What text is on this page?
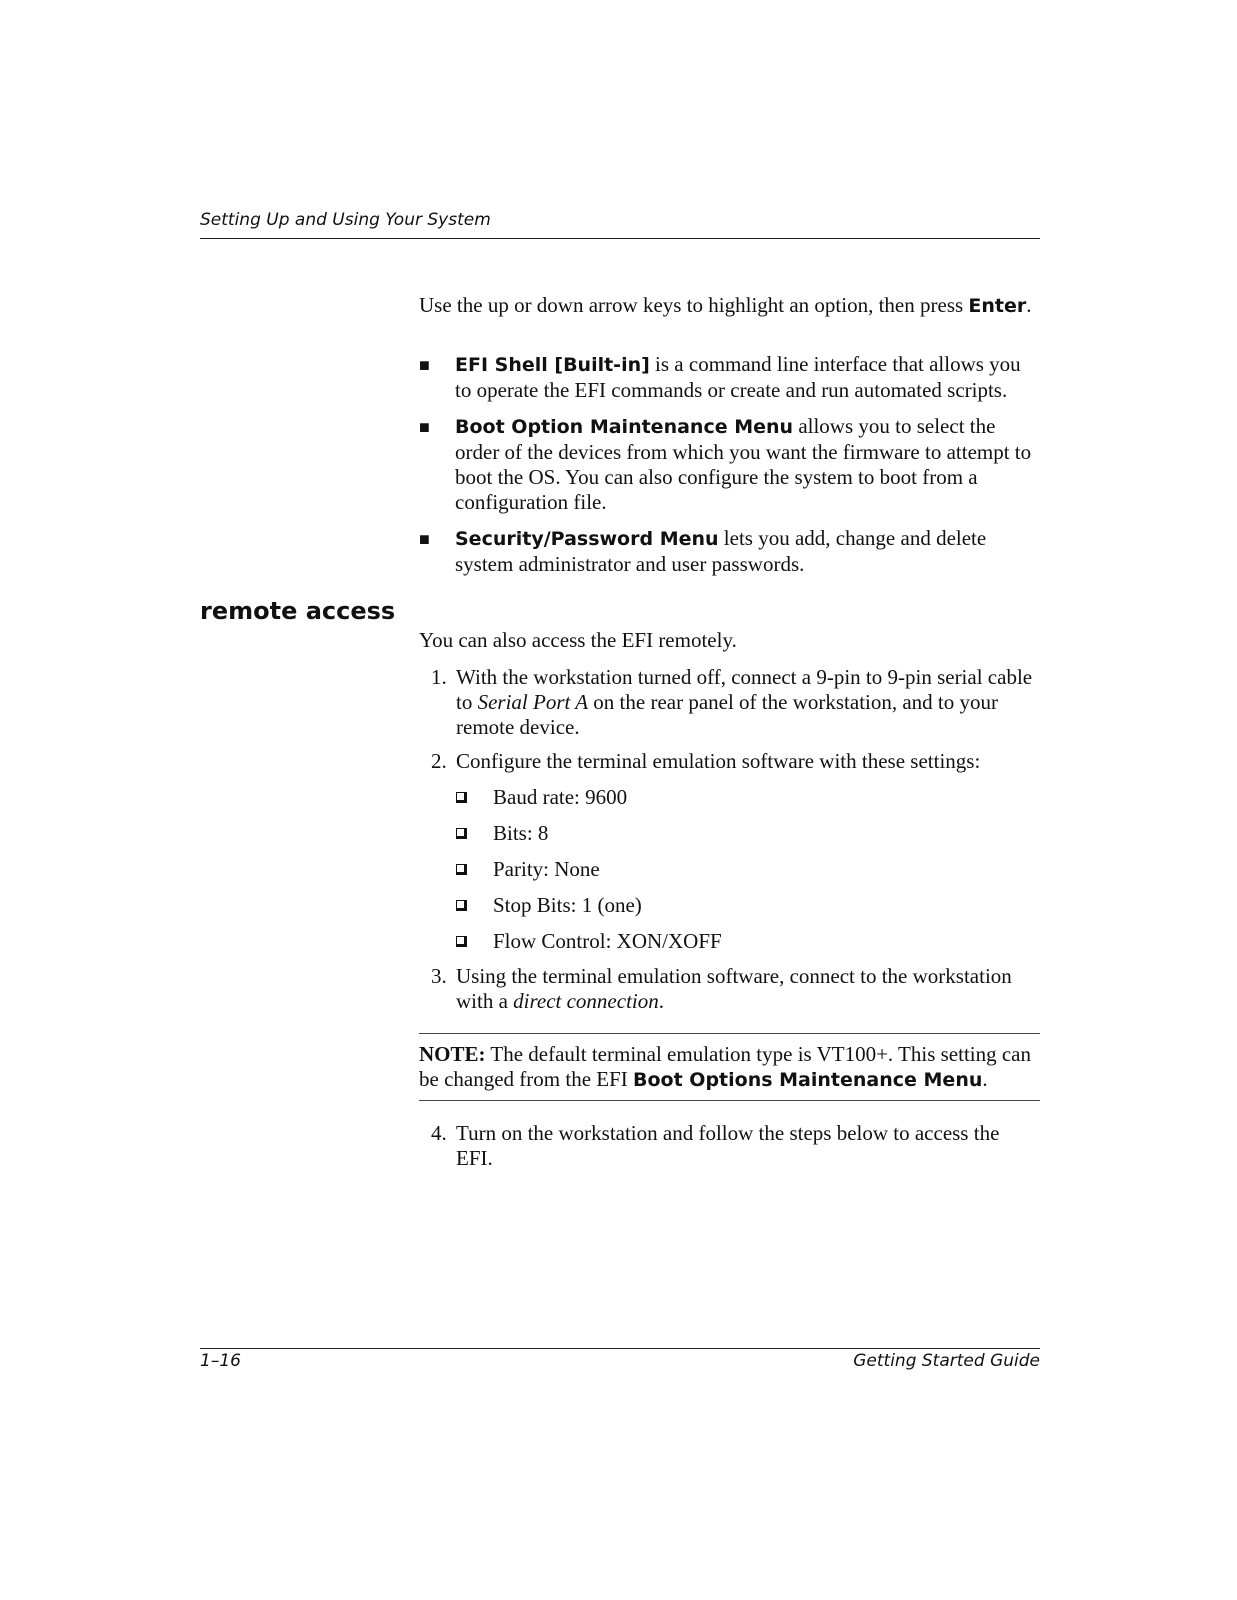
Setting Up and Using Your System

Use the up or down arrow keys to highlight an option, then press Enter.

■ EFI Shell [Built-in] is a command line interface that allows you to operate the EFI commands or create and run automated scripts.
■ Boot Option Maintenance Menu allows you to select the order of the devices from which you want the firmware to attempt to boot the OS. You can also configure the system to boot from a configuration file.
■ Security/Password Menu lets you add, change and delete system administrator and user passwords.
remote access

You can also access the EFI remotely.

1. With the workstation turned off, connect a 9-pin to 9-pin serial cable to Serial Port A on the rear panel of the workstation, and to your remote device.
2. Configure the terminal emulation software with these settings:
Baud rate: 9600
Bits: 8
Parity: None
Stop Bits: 1 (one)
Flow Control: XON/XOFF
3. Using the terminal emulation software, connect to the workstation with a direct connection.

NOTE: The default terminal emulation type is VT100+. This setting can be changed from the EFI Boot Options Maintenance Menu.

4. Turn on the workstation and follow the steps below to access the EFI.
1–16	Getting Started Guide
